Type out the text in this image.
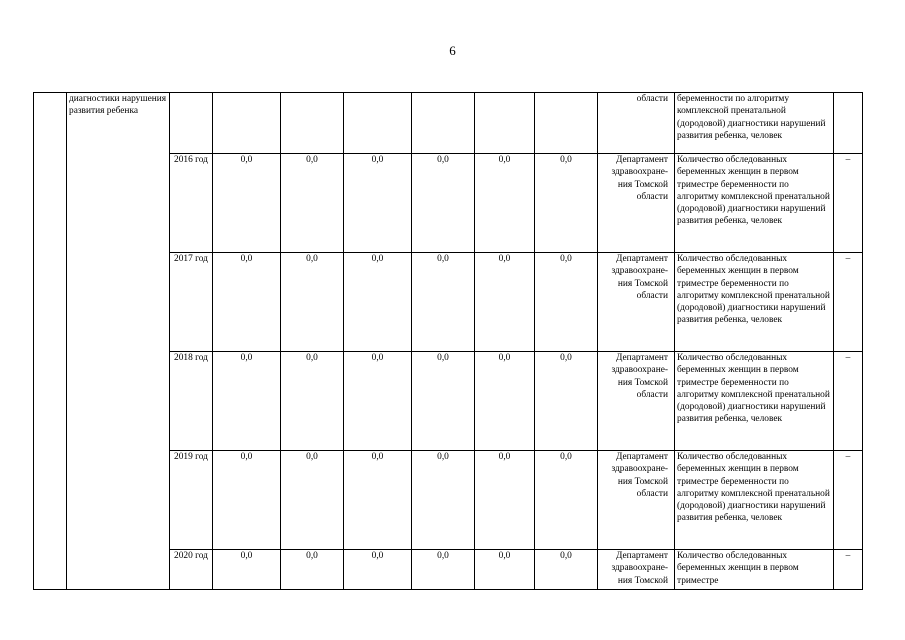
6

	диагностики нарушения развития ребенка								области	беременности по алгоритму комплексной пренатальной (дородовой) диагностики нарушений развития ребенка, человек	

		2016 год	0,0	0,0	0,0	0,0	0,0	0,0	Департамент здравоохране-ния Томской области	Количество обследованных беременных женщин в первом триместре беременности по алгоритму комплексной пренатальной (дородовой) диагностики нарушений развития ребенка, человек	–

		2017 год	0,0	0,0	0,0	0,0	0,0	0,0	Департамент здравоохране-ния Томской области	Количество обследованных беременных женщин в первом триместре беременности по алгоритму комплексной пренатальной (дородовой) диагностики нарушений развития ребенка, человек	–

		2018 год	0,0	0,0	0,0	0,0	0,0	0,0	Департамент здравоохране-ния Томской области	Количество обследованных беременных женщин в первом триместре беременности по алгоритму комплексной пренатальной (дородовой) диагностики нарушений развития ребенка, человек	–

		2019 год	0,0	0,0	0,0	0,0	0,0	0,0	Департамент здравоохране-ния Томской области	Количество обследованных беременных женщин в первом триместре беременности по алгоритму комплексной пренатальной (дородовой) диагностики нарушений развития ребенка, человек	–

		2020 год	0,0	0,0	0,0	0,0	0,0	0,0	Департамент здравоохране-ния Томской	Количество обследованных беременных женщин в первом триместре	–
